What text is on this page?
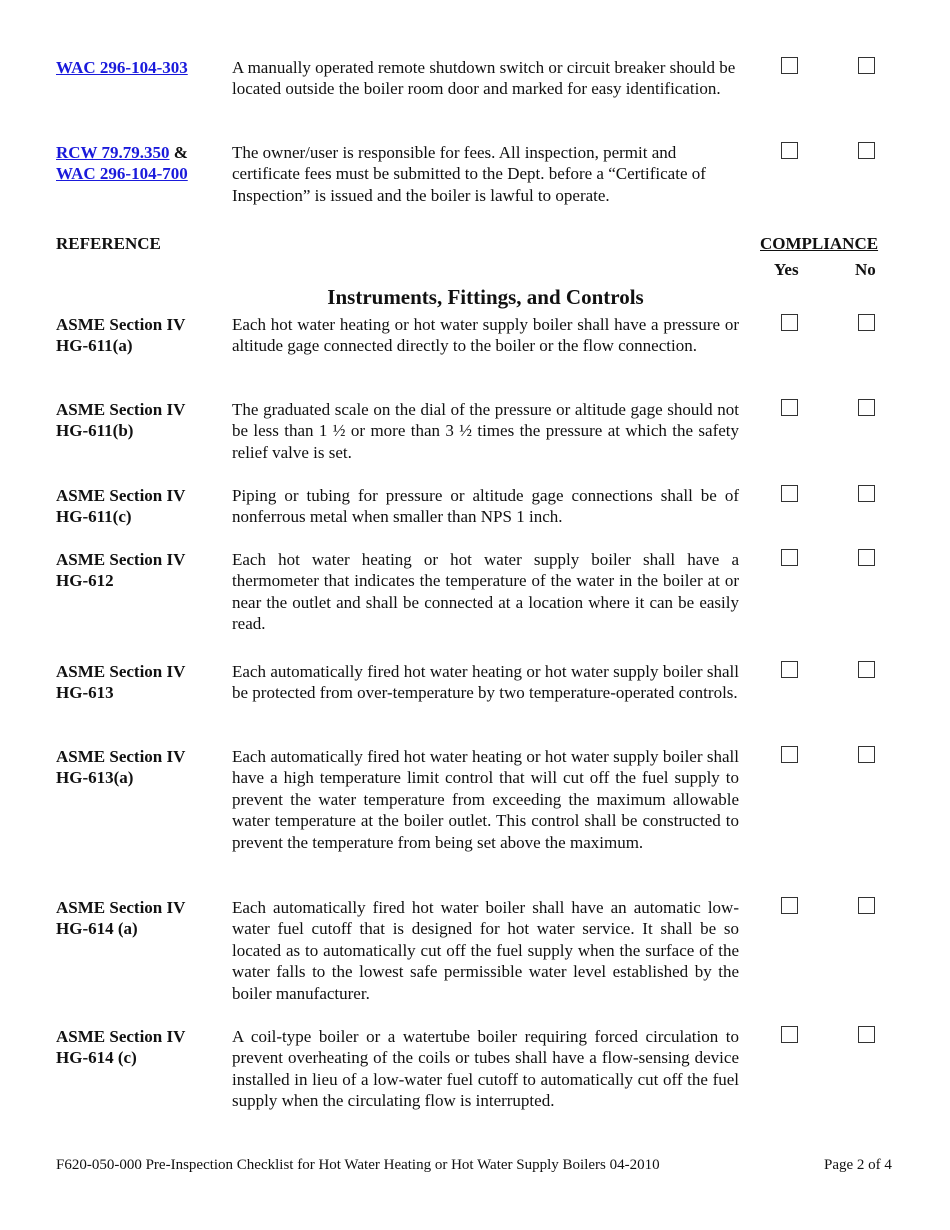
WAC 296-104-303	A manually operated remote shutdown switch or circuit breaker should be located outside the boiler room door and marked for easy identification.
RCW 79.79.350 &
WAC 296-104-700
The owner/user is responsible for fees. All inspection, permit and certificate fees must be submitted to the Dept. before a “Certificate of Inspection” is issued and the boiler is lawful to operate.
REFERENCE	COMPLIANCE
Yes	No
Instruments, Fittings, and Controls
ASME Section IV
HG-611(a)
Each hot water heating or hot water supply boiler shall have a pressure or altitude gage connected directly to the boiler or the flow connection.
ASME Section IV
HG-611(b)
The graduated scale on the dial of the pressure or altitude gage should not be less than 1 ½ or more than 3 ½ times the pressure at which the safety relief valve is set.
ASME Section IV
HG-611(c)
Piping or tubing for pressure or altitude gage connections shall be of nonferrous metal when smaller than NPS 1 inch.
ASME Section IV
HG-612
Each hot water heating or hot water supply boiler shall have a thermometer that indicates the temperature of the water in the boiler at or near the outlet and shall be connected at a location where it can be easily read.
ASME Section IV
HG-613
Each automatically fired hot water heating or hot water supply boiler shall be protected from over-temperature by two temperature-operated controls.
ASME Section IV
HG-613(a)
Each automatically fired hot water heating or hot water supply boiler shall have a high temperature limit control that will cut off the fuel supply to prevent the water temperature from exceeding the maximum allowable water temperature at the boiler outlet. This control shall be constructed to prevent the temperature from being set above the maximum.
ASME Section IV
HG-614 (a)
Each automatically fired hot water boiler shall have an automatic low-water fuel cutoff that is designed for hot water service. It shall be so located as to automatically cut off the fuel supply when the surface of the water falls to the lowest safe permissible water level established by the boiler manufacturer.
ASME Section IV
HG-614 (c)
A coil-type boiler or a watertube boiler requiring forced circulation to prevent overheating of the coils or tubes shall have a flow-sensing device installed in lieu of a low-water fuel cutoff to automatically cut off the fuel supply when the circulating flow is interrupted.
F620-050-000 Pre-Inspection Checklist for Hot Water Heating or Hot Water Supply Boilers 04-2010	Page 2 of 4
